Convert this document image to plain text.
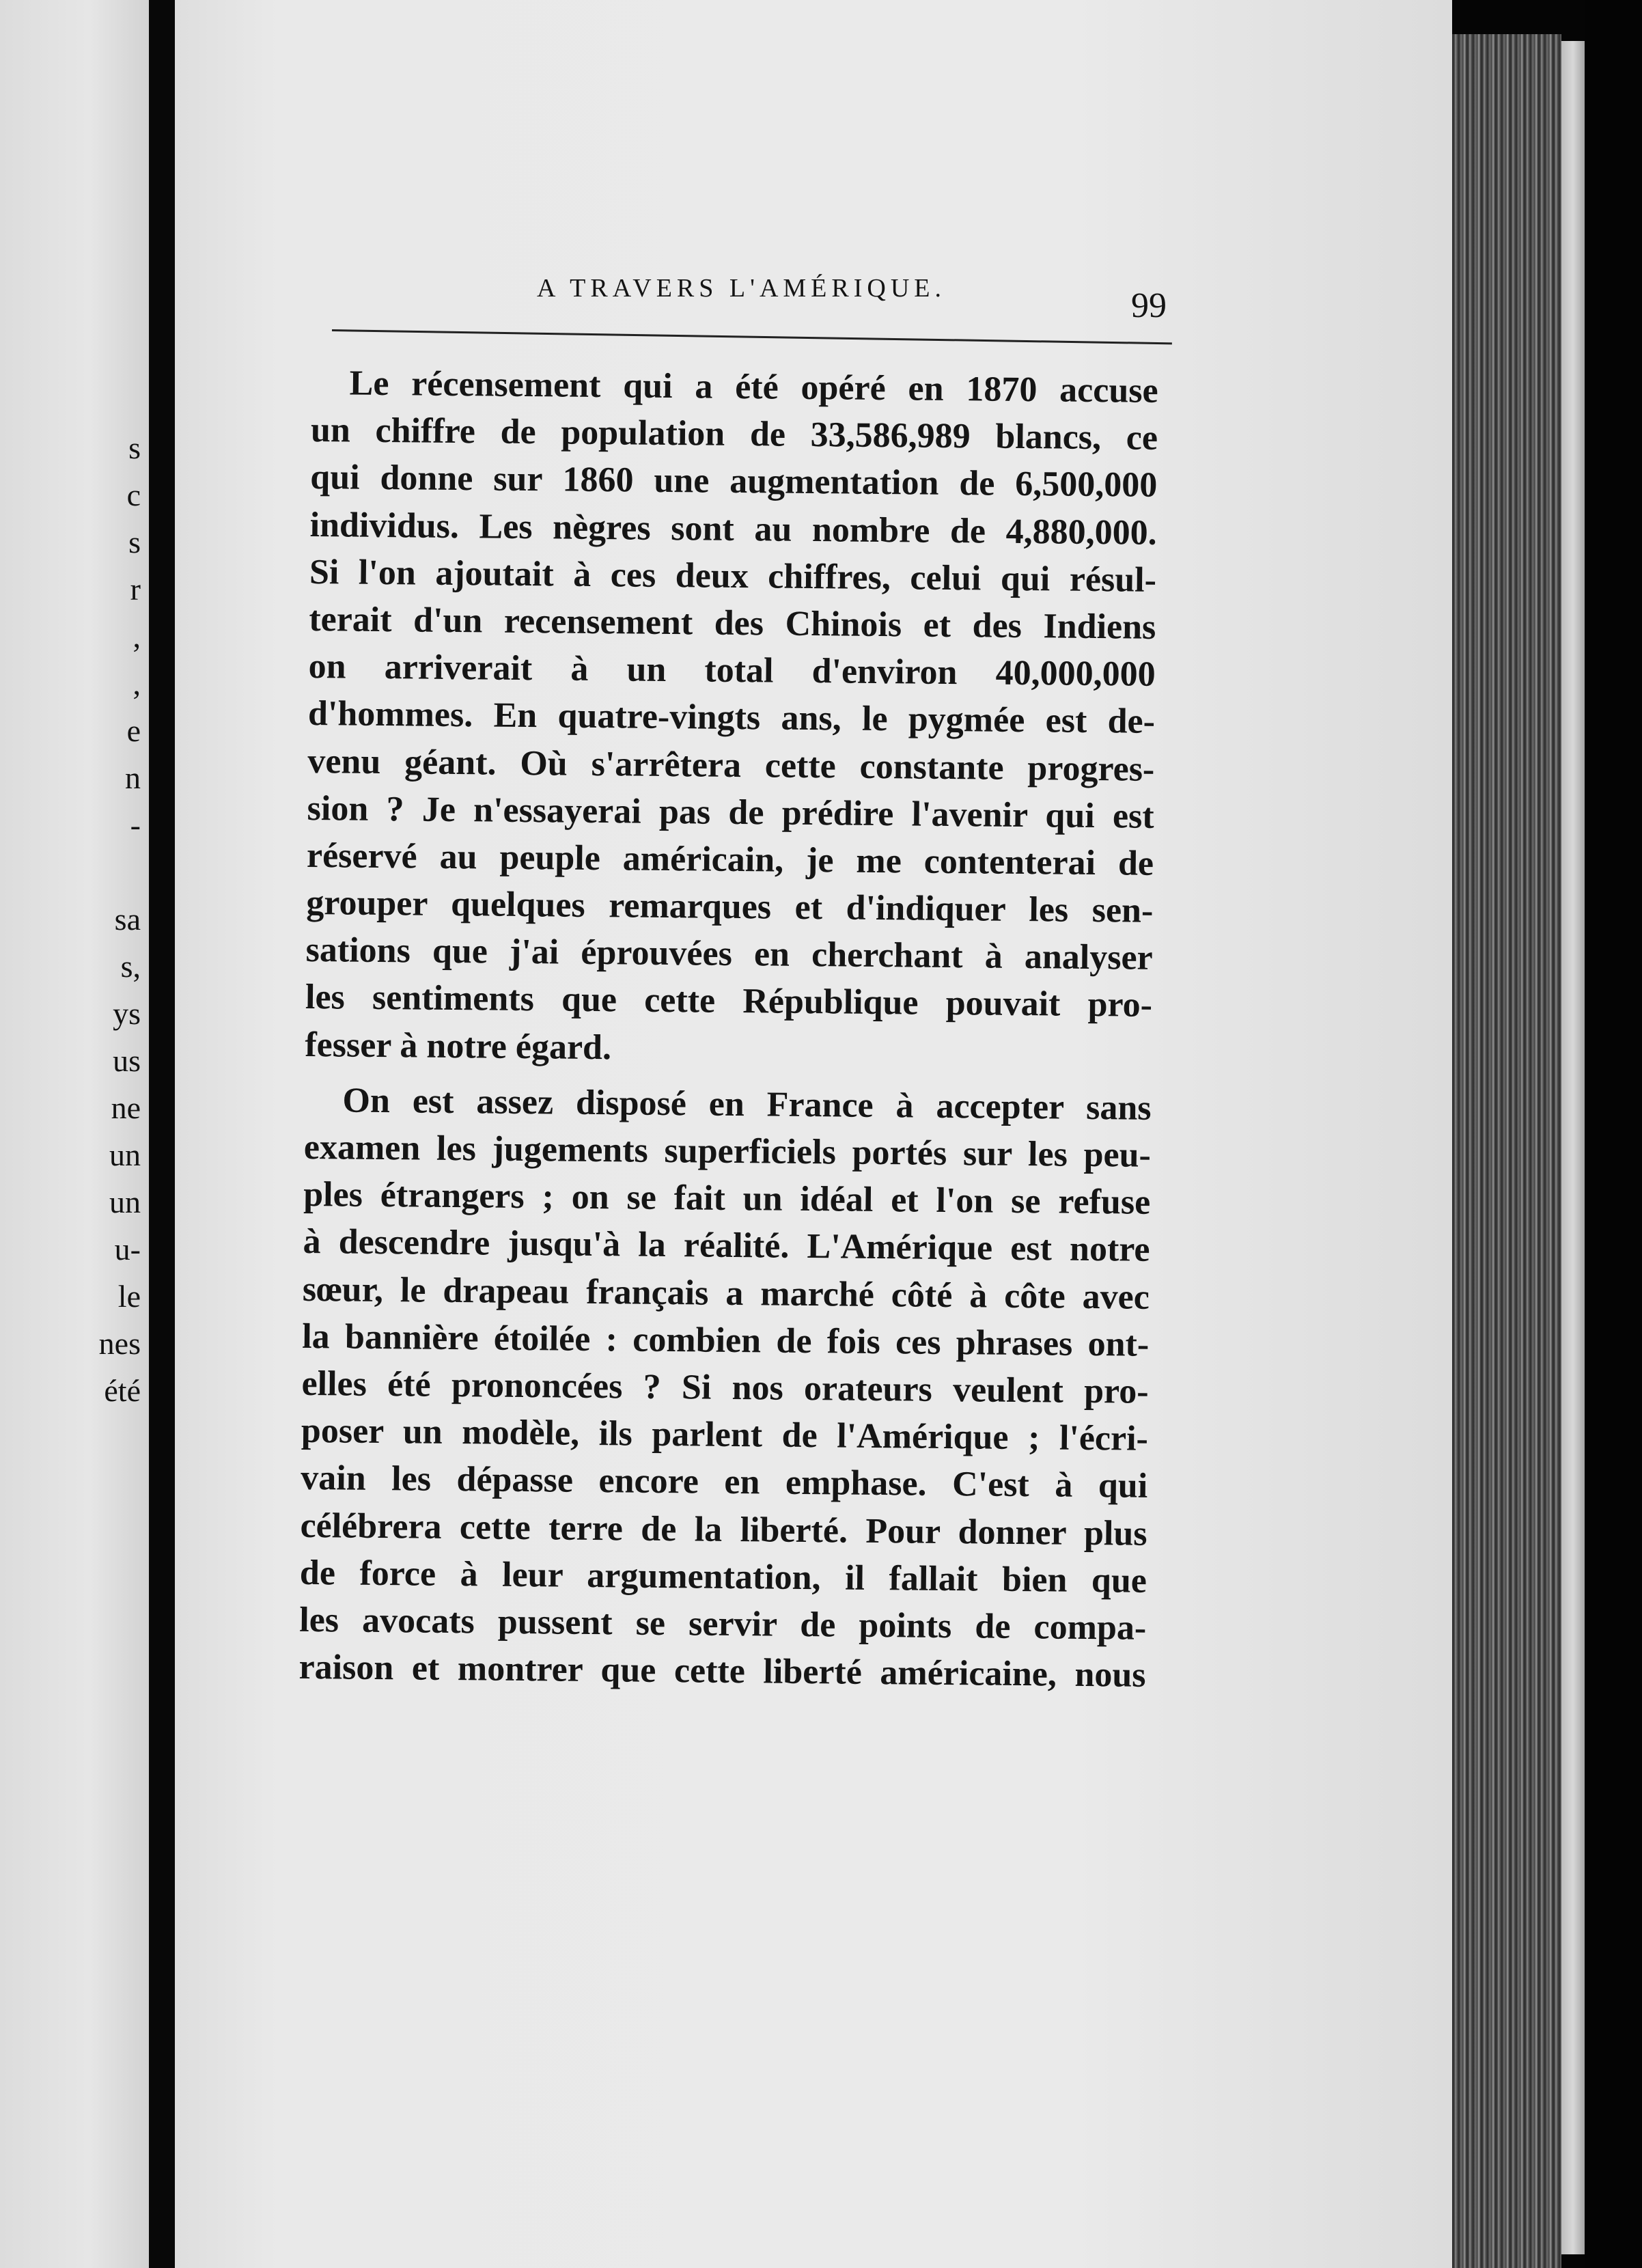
s
c
s
r
,
,
e
n
-
sa
s,
ys
us
ne
un
un
u-
le
nes
été
A TRAVERS L'AMÉRIQUE.	99
Le récensement qui a été opéré en 1870 accuse
un chiffre de population de 33,586,989 blancs, ce
qui donne sur 1860 une augmentation de 6,500,000
individus. Les nègres sont au nombre de 4,880,000.
Si l'on ajoutait à ces deux chiffres, celui qui résul-
terait d'un recensement des Chinois et des Indiens
on arriverait à un total d'environ 40,000,000
d'hommes. En quatre-vingts ans, le pygmée est de-
venu géant. Où s'arrêtera cette constante progres-
sion ? Je n'essayerai pas de prédire l'avenir qui est
réservé au peuple américain, je me contenterai de
grouper quelques remarques et d'indiquer les sen-
sations que j'ai éprouvées en cherchant à analyser
les sentiments que cette République pouvait pro-
fesser à notre égard.
On est assez disposé en France à accepter sans
examen les jugements superficiels portés sur les peu-
ples étrangers ; on se fait un idéal et l'on se refuse
à descendre jusqu'à la réalité. L'Amérique est notre
sœur, le drapeau français a marché côté à côte avec
la bannière étoilée : combien de fois ces phrases ont-
elles été prononcées ? Si nos orateurs veulent pro-
poser un modèle, ils parlent de l'Amérique ; l'écri-
vain les dépasse encore en emphase. C'est à qui
célébrera cette terre de la liberté. Pour donner plus
de force à leur argumentation, il fallait bien que
les avocats pussent se servir de points de compa-
raison et montrer que cette liberté américaine, nous
